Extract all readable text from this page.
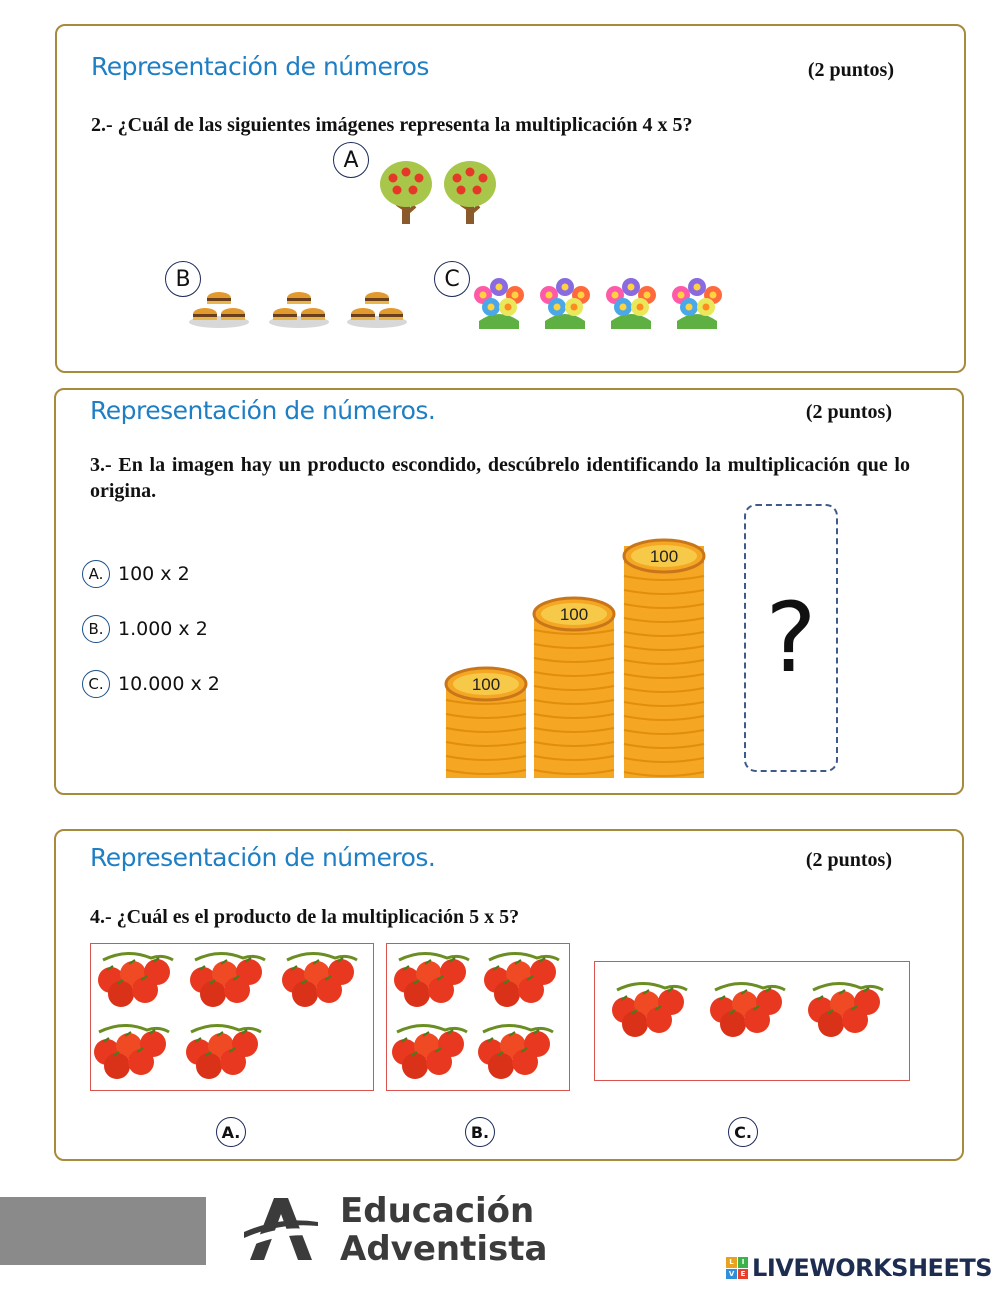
Representación de números	(2 puntos)
2.- ¿Cuál de las siguientes imágenes representa la multiplicación 4 x 5?
A
B	C
Representación de números.	(2 puntos)
3.- En la imagen hay un producto escondido, descúbrelo identificando la multiplicación que lo origina.
A. 100 x 2
B. 1.000 x 2
C. 10.000 x 2	100
100
100
?
Representación de números.	(2 puntos)
4.- ¿Cuál es el producto de la multiplicación 5 x 5?
A.	B.	C.
Educación
Adventista	L	I
V E LIVEWORKSHEETS
